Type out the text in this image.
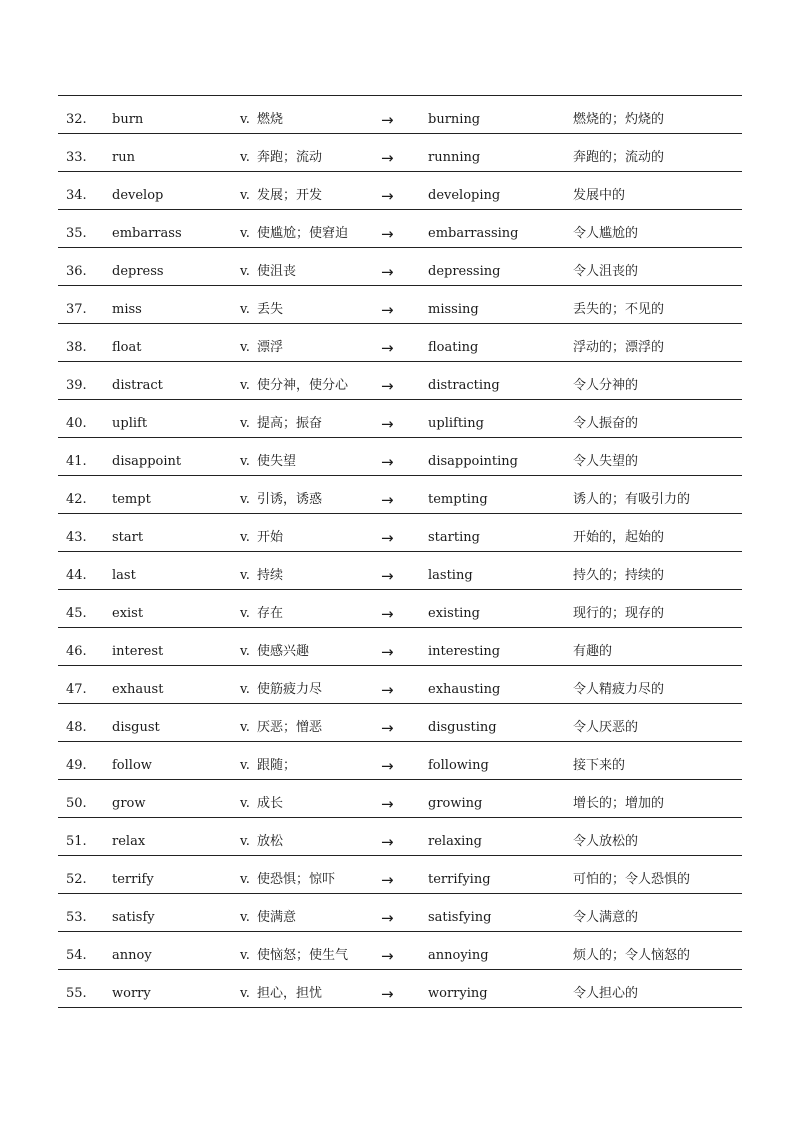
32. burn	v. 燃烧	→	burning	燃烧的；灼烧的
33. run	v. 奔跑；流动	→	running	奔跑的；流动的
34. develop	v. 发展；开发	→	developing	发展中的
35. embarrass	v. 使尴尬；使窘迫 →	embarrassing	令人尴尬的
36. depress	v. 使沮丧	→	depressing	令人沮丧的
37. miss	v. 丢失	→	missing	丢失的；不见的
38. float	v. 漂浮	→	floating	浮动的；漂浮的
39. distract	v. 使分神，使分心 →	distracting	令人分神的
40. uplift	v. 提高；振奋	→	uplifting	令人振奋的
41. disappoint	v. 使失望	→	disappointing	令人失望的
42. tempt	v. 引诱，诱惑	→	tempting	诱人的；有吸引力的
43. start	v. 开始	→	starting	开始的，起始的
44. last	v. 持续	→	lasting	持久的；持续的
45. exist	v. 存在	→	existing	现行的；现存的
46. interest	v. 使感兴趣	→	interesting	有趣的
47. exhaust	v. 使筋疲力尽	→	exhausting	令人精疲力尽的
48. disgust	v. 厌恶；憎恶	→	disgusting	令人厌恶的
49. follow	v. 跟随；	→	following	接下来的
50. grow	v. 成长	→	growing	增长的；增加的
51. relax	v. 放松	→	relaxing	令人放松的
52. terrify	v. 使恐惧；惊吓	→	terrifying	可怕的；令人恐惧的
53. satisfy	v. 使满意	→	satisfying	令人满意的
54. annoy	v. 使恼怒；使生气 →	annoying	烦人的；令人恼怒的
55. worry	v. 担心，担忧	→	worrying	令人担心的
